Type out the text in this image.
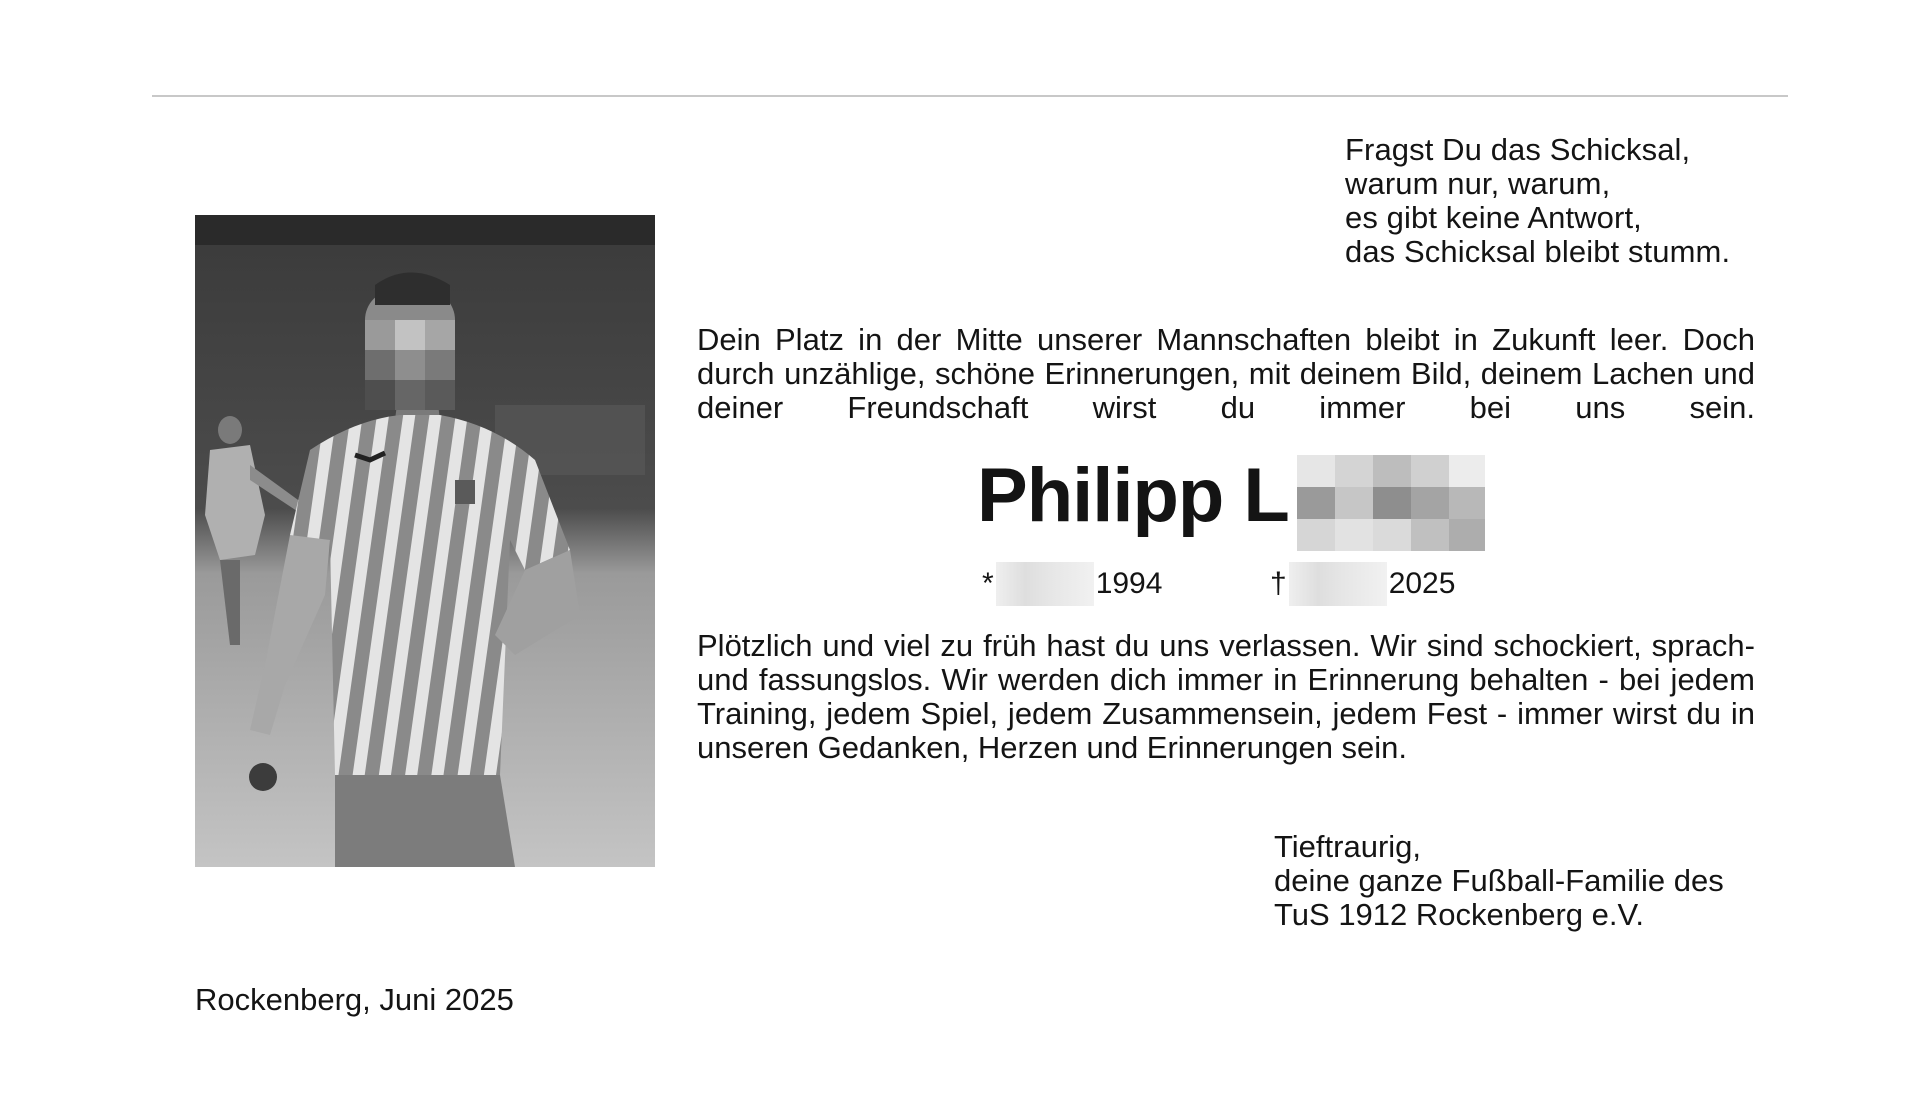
Fragst Du das Schicksal,
warum nur, warum,
es gibt keine Antwort,
das Schicksal bleibt stumm.
Dein Platz in der Mitte unserer Mannschaften bleibt in Zukunft leer. Doch durch unzählige, schöne Erinnerungen, mit deinem Bild, deinem Lachen und deiner Freundschaft wirst du immer bei uns sein.
Philipp L
*	1994	†	2025
Plötzlich und viel zu früh hast du uns verlassen. Wir sind schockiert, sprach- und fassungslos. Wir werden dich immer in Erinnerung behalten - bei jedem Training, jedem Spiel, jedem Zusammensein, jedem Fest - immer wirst du in unseren Gedanken, Herzen und Erinnerungen sein.
Tieftraurig,
deine ganze Fußball-Familie des
TuS 1912 Rockenberg e.V.
Rockenberg, Juni 2025
